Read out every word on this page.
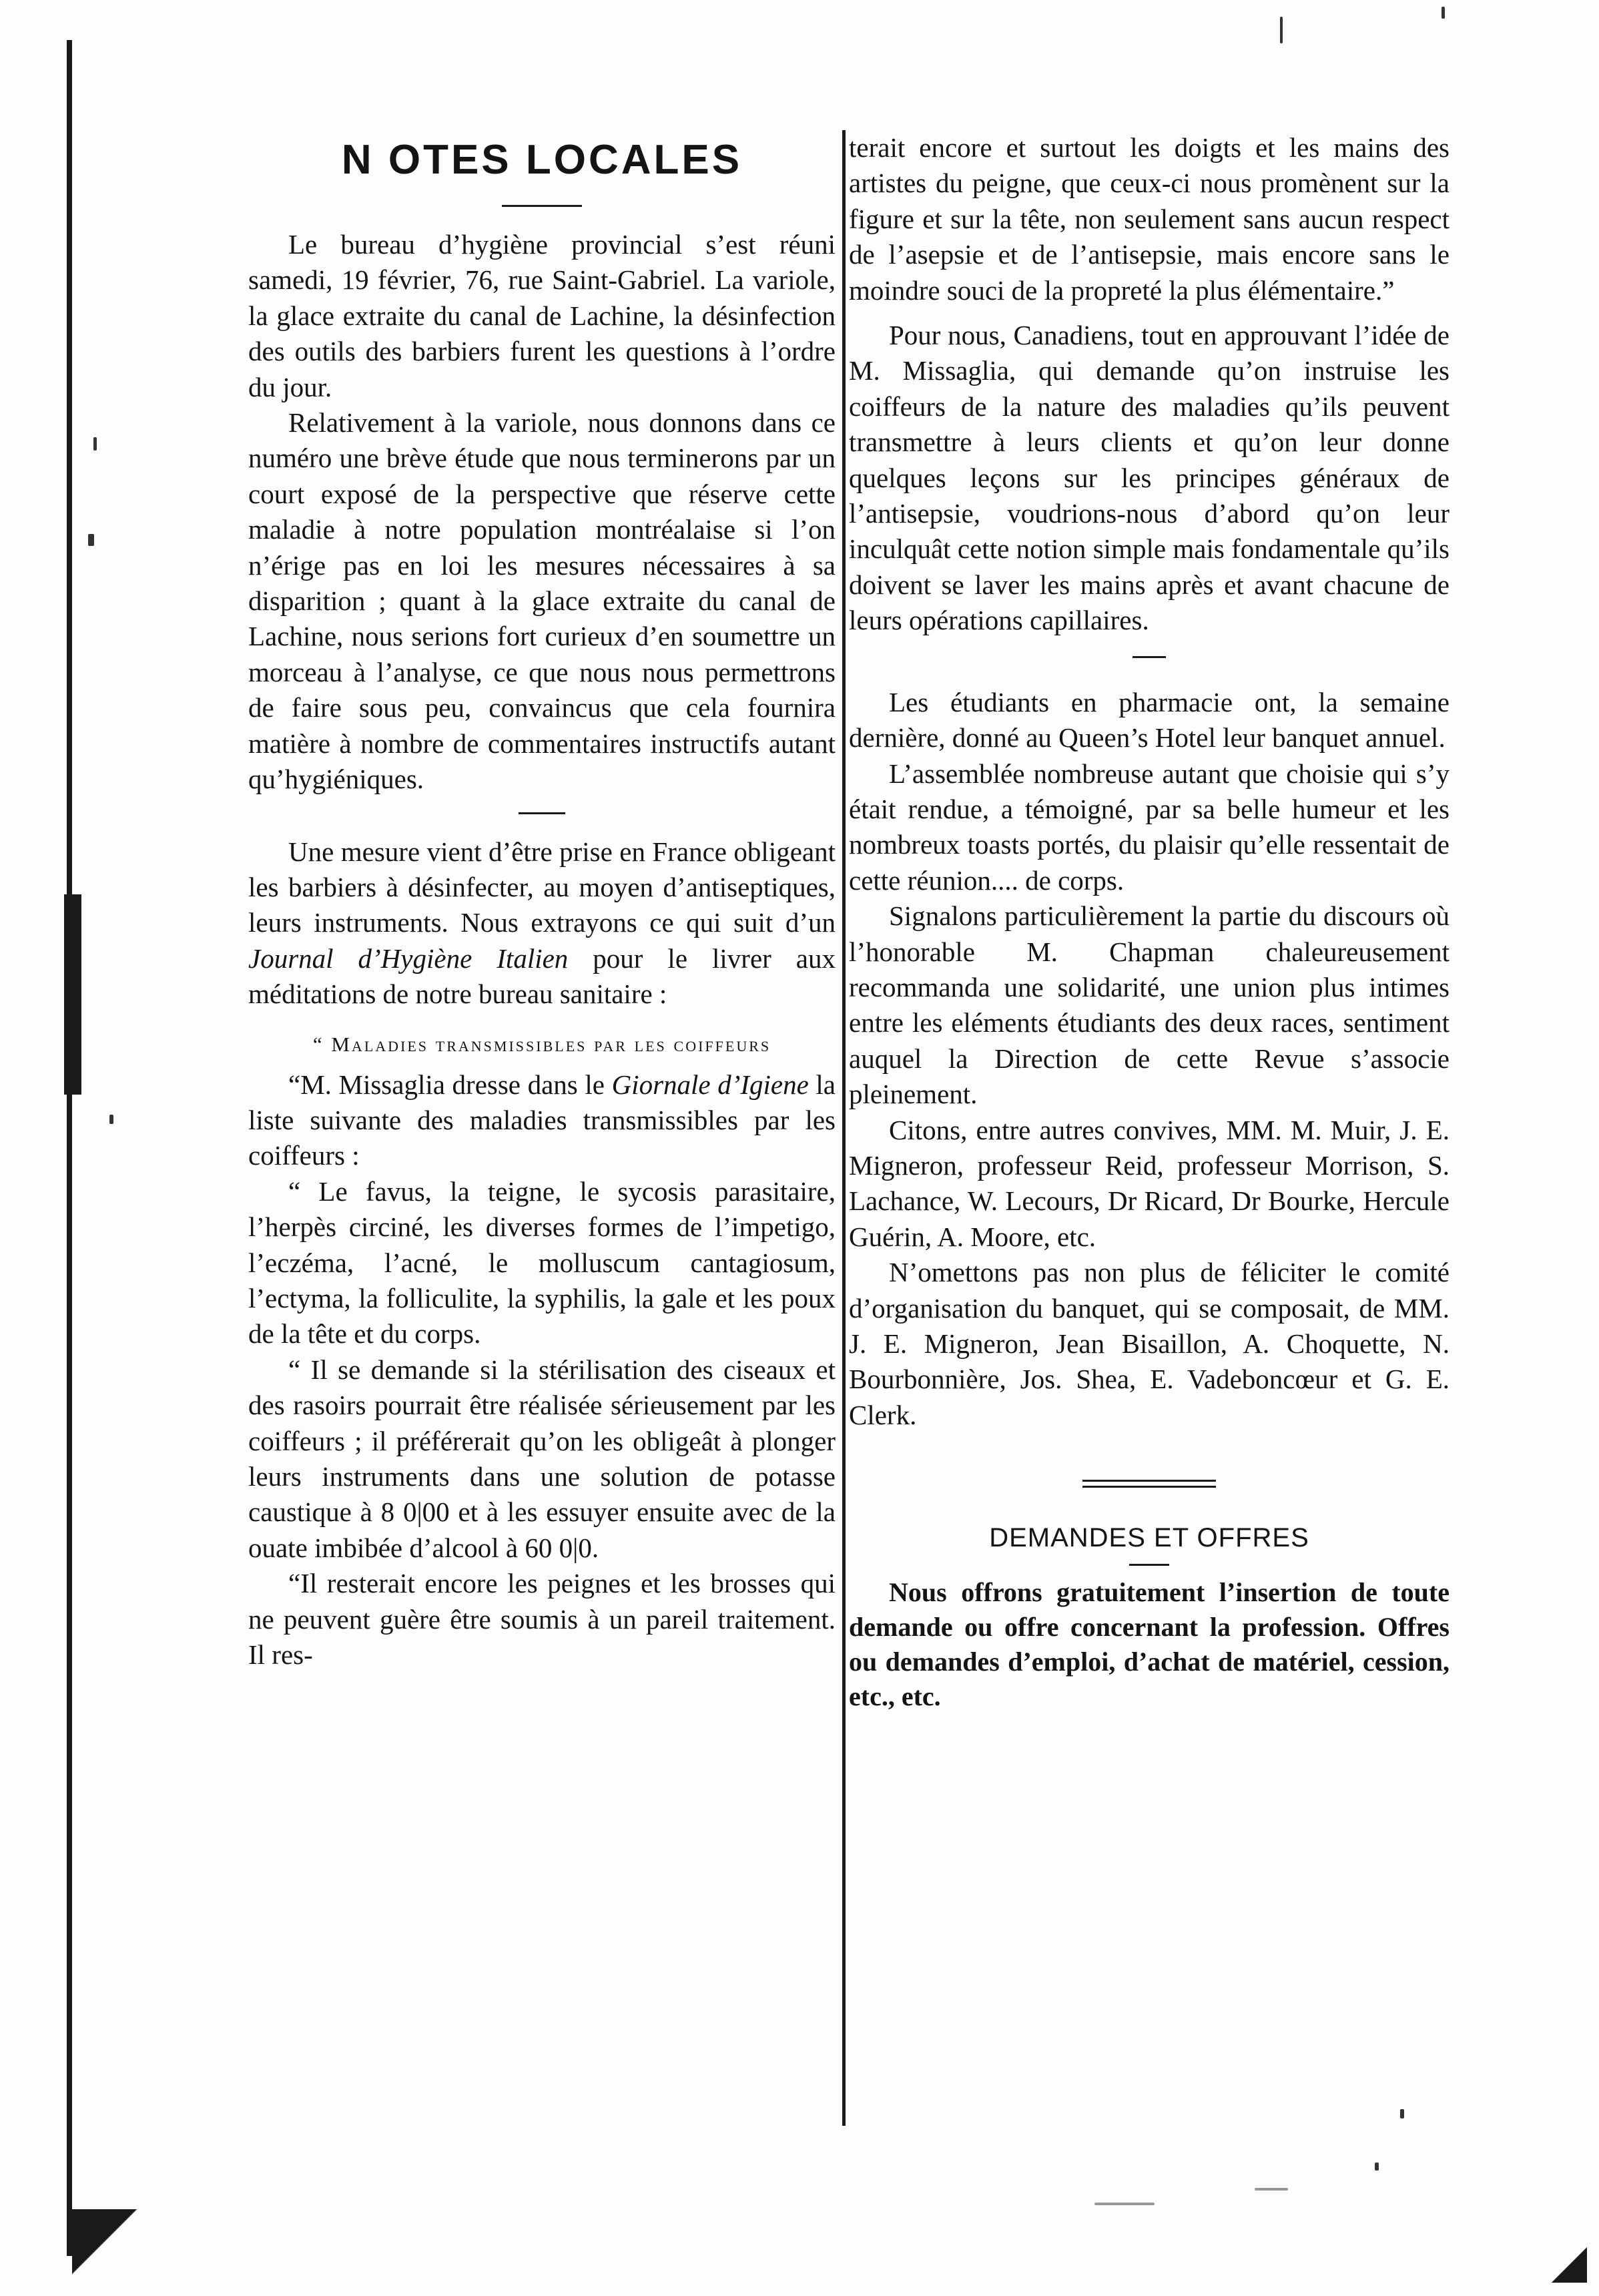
N OTES LOCALES

Le bureau d’hygiène provincial s’est réuni samedi, 19 février, 76, rue Saint-Gabriel. La variole, la glace extraite du canal de Lachine, la désinfection des outils des barbiers furent les questions à l’ordre du jour.

Relativement à la variole, nous donnons dans ce numéro une brève étude que nous terminerons par un court exposé de la perspective que réserve cette maladie à notre population montréalaise si l’on n’érige pas en loi les mesures nécessaires à sa disparition ; quant à la glace extraite du canal de Lachine, nous serions fort curieux d’en soumettre un morceau à l’analyse, ce que nous nous permettrons de faire sous peu, convaincus que cela fournira matière à nombre de commentaires instructifs autant qu’hygiéniques.

Une mesure vient d’être prise en France obligeant les barbiers à désinfecter, au moyen d’antiseptiques, leurs instruments. Nous extrayons ce qui suit d’un Journal d’Hygiène Italien pour le livrer aux méditations de notre bureau sanitaire :

“ Maladies transmissibles par les coiffeurs

“M. Missaglia dresse dans le Giornale d’Igiene la liste suivante des maladies transmissibles par les coiffeurs :

“ Le favus, la teigne, le sycosis parasitaire, l’herpès circiné, les diverses formes de l’impetigo, l’eczéma, l’acné, le molluscum cantagiosum, l’ectyma, la folliculite, la syphilis, la gale et les poux de la tête et du corps.

“ Il se demande si la stérilisation des ciseaux et des rasoirs pourrait être réalisée sérieusement par les coiffeurs ; il préférerait qu’on les obligeât à plonger leurs instruments dans une solution de potasse caustique à 8 0|00 et à les essuyer ensuite avec de la ouate imbibée d’alcool à 60 0|0.

“Il resterait encore les peignes et les brosses qui ne peuvent guère être soumis à un pareil traitement. Il res-

terait encore et surtout les doigts et les mains des artistes du peigne, que ceux-ci nous promènent sur la figure et sur la tête, non seulement sans aucun respect de l’asepsie et de l’antisepsie, mais encore sans le moindre souci de la propreté la plus élémentaire.”

Pour nous, Canadiens, tout en approuvant l’idée de M. Missaglia, qui demande qu’on instruise les coiffeurs de la nature des maladies qu’ils peuvent transmettre à leurs clients et qu’on leur donne quelques leçons sur les principes généraux de l’antisepsie, voudrions-nous d’abord qu’on leur inculquât cette notion simple mais fondamentale qu’ils doivent se laver les mains après et avant chacune de leurs opérations capillaires.

Les étudiants en pharmacie ont, la semaine dernière, donné au Queen’s Hotel leur banquet annuel.

L’assemblée nombreuse autant que choisie qui s’y était rendue, a témoigné, par sa belle humeur et les nombreux toasts portés, du plaisir qu’elle ressentait de cette réunion.... de corps.

Signalons particulièrement la partie du discours où l’honorable M. Chapman chaleureusement recommanda une solidarité, une union plus intimes entre les eléments étudiants des deux races, sentiment auquel la Direction de cette Revue s’associe pleinement.

Citons, entre autres convives, MM. M. Muir, J. E. Migneron, professeur Reid, professeur Morrison, S. Lachance, W. Lecours, Dr Ricard, Dr Bourke, Hercule Guérin, A. Moore, etc.

N’omettons pas non plus de féliciter le comité d’organisation du banquet, qui se composait, de MM. J. E. Migneron, Jean Bisaillon, A. Choquette, N. Bourbonnière, Jos. Shea, E. Vadeboncœur et G. E. Clerk.

DEMANDES ET OFFRES

Nous offrons gratuitement l’insertion de toute demande ou offre concernant la profession. Offres ou demandes d’emploi, d’achat de matériel, cession, etc., etc.
